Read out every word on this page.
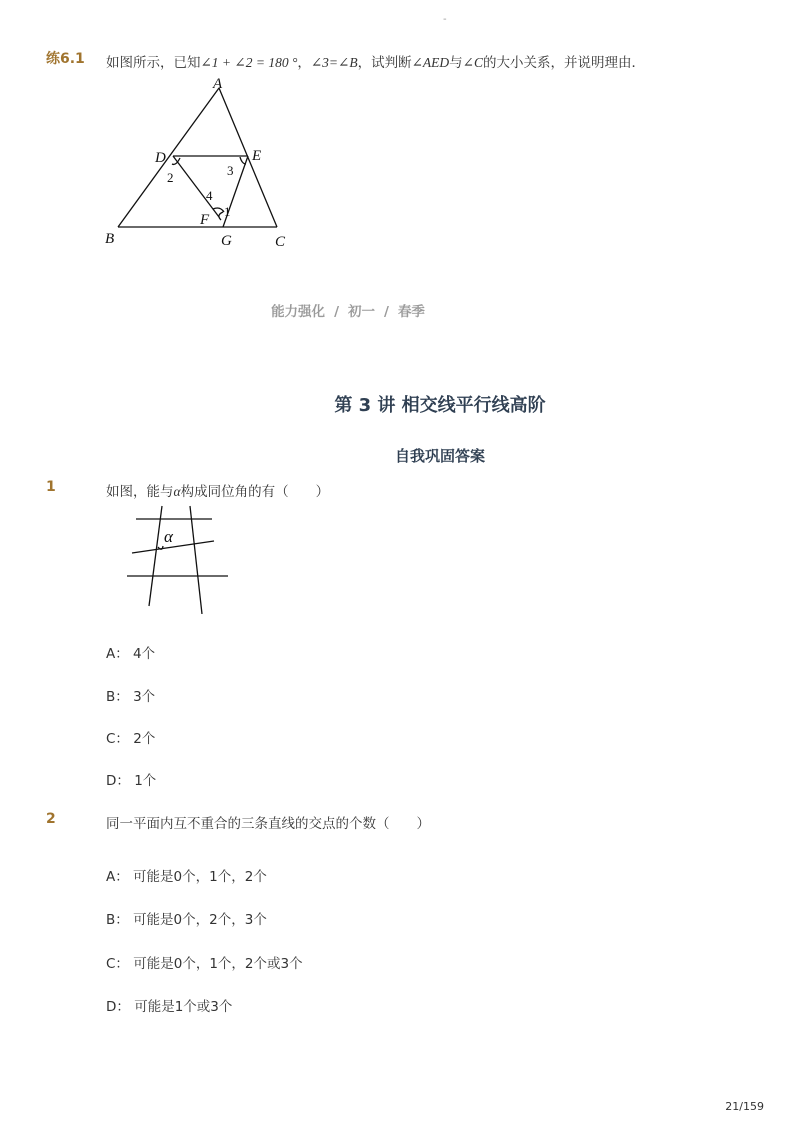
-
练6.1 如图所示，已知∠1 + ∠2 = 180 °，∠3=∠B，试判断∠AED与∠C的大小关系，并说明理由．
A
B	C
D	E
F
G
1
2	3
4
能力强化 / 初一 / 春季
第 3 讲 相交线平行线高阶
自我巩固答案
1	如图，能与α构成同位角的有（　　）
α
A： 4个
B： 3个
C： 2个
D： 1个
2	同一平面内互不重合的三条直线的交点的个数（　　）
A： 可能是0个，1个，2个
B： 可能是0个，2个，3个
C： 可能是0个，1个，2个或3个
D： 可能是1个或3个
21/159
